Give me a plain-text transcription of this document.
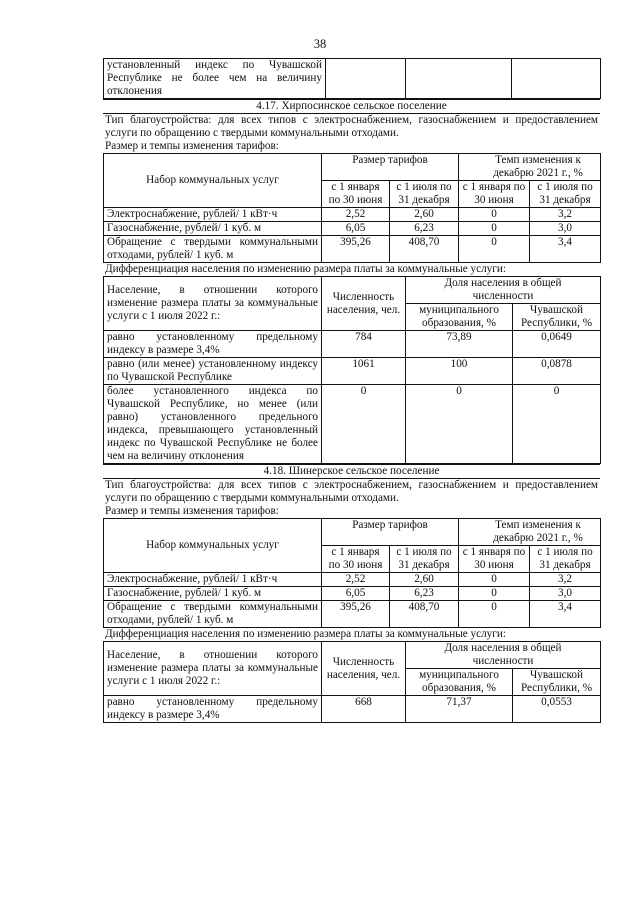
38
установленный индекс по Чувашской Республике не более чем на величину отклонения			
4.17. Хирпосинское сельское поселение
Тип благоустройства: для всех типов с электроснабжением, газоснабжением и предоставлением услуги по обращению с твердыми коммунальными отходами.
Размер и темпы изменения тарифов:
Набор коммунальных услуг	Размер тарифов		Темп изменения к декабрю 2021 г., %	
	с 1 января по 30 июня	с 1 июля по 31 декабря	с 1 января по 30 июня	с 1 июля по 31 декабря
Электроснабжение, рублей/ 1 кВт·ч	2,52	2,60	0	3,2
Газоснабжение, рублей/ 1 куб. м	6,05	6,23	0	3,0
Обращение с твердыми коммунальными отходами, рублей/ 1 куб. м	395,26	408,70	0	3,4
Дифференциация населения по изменению размера платы за коммунальные услуги:
Население, в отношении которого изменение размера платы за коммунальные услуги с 1 июля 2022 г.:	Численность населения, чел.	Доля населения в общей численности	
		муниципального образования, %	Чувашской Республики, %
равно установленному предельному индексу в размере 3,4%	784	73,89	0,0649
равно (или менее) установленному индексу по Чувашской Республике	1061	100	0,0878
более установленного индекса по Чувашской Республике, но менее (или равно) установленного предельного индекса, превышающего установленный индекс по Чувашской Республике не более чем на величину отклонения	0	0	0
4.18. Шинерское сельское поселение
Тип благоустройства: для всех типов с электроснабжением, газоснабжением и предоставлением услуги по обращению с твердыми коммунальными отходами.
Размер и темпы изменения тарифов:
Набор коммунальных услуг	Размер тарифов		Темп изменения к декабрю 2021 г., %	
	с 1 января по 30 июня	с 1 июля по 31 декабря	с 1 января по 30 июня	с 1 июля по 31 декабря
Электроснабжение, рублей/ 1 кВт·ч	2,52	2,60	0	3,2
Газоснабжение, рублей/ 1 куб. м	6,05	6,23	0	3,0
Обращение с твердыми коммунальными отходами, рублей/ 1 куб. м	395,26	408,70	0	3,4
Дифференциация населения по изменению размера платы за коммунальные услуги:
Население, в отношении которого изменение размера платы за коммунальные услуги с 1 июля 2022 г.:	Численность населения, чел.	Доля населения в общей численности	
		муниципального образования, %	Чувашской Республики, %
равно установленному предельному индексу в размере 3,4%	668	71,37	0,0553
